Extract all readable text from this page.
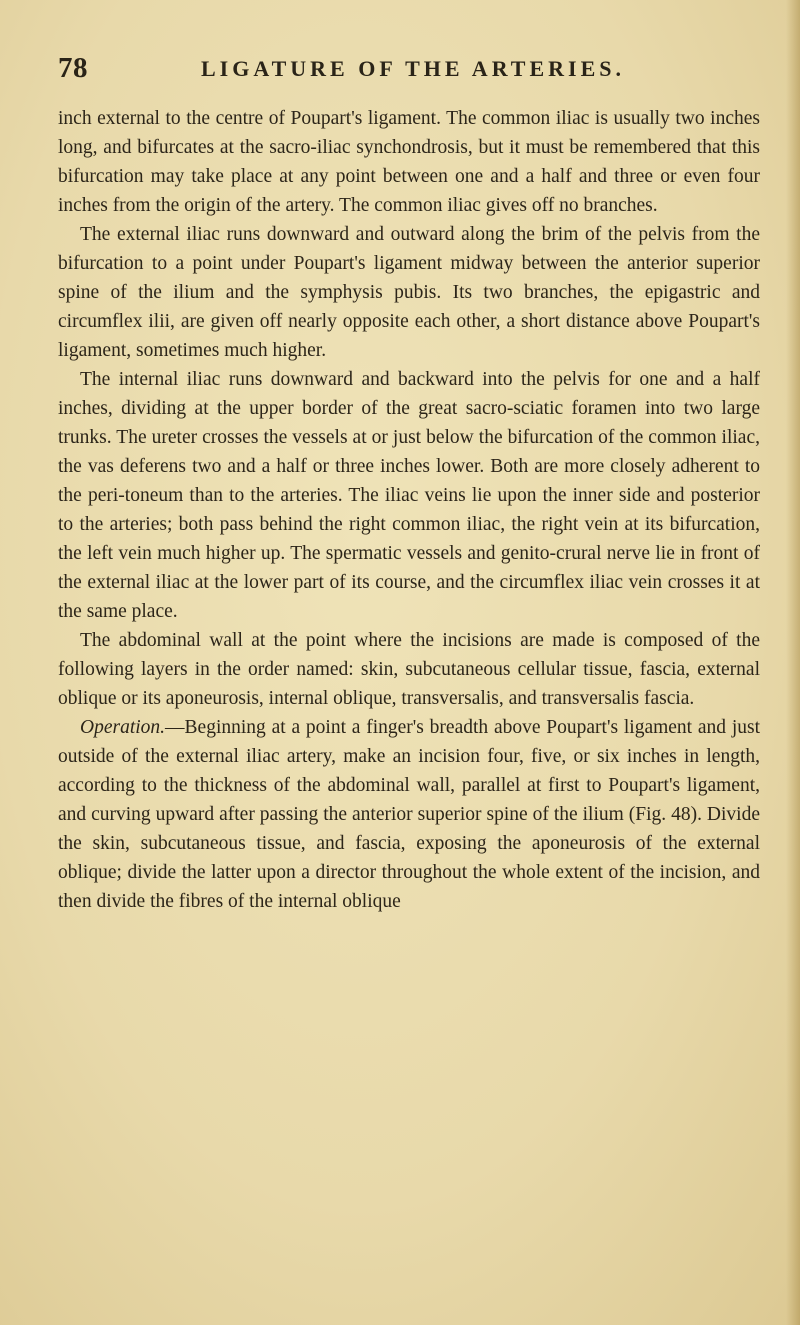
78	LIGATURE OF THE ARTERIES.

inch external to the centre of Poupart's ligament. The common iliac is usually two inches long, and bifurcates at the sacro-iliac synchondrosis, but it must be remembered that this bifurcation may take place at any point between one and a half and three or even four inches from the origin of the artery. The common iliac gives off no branches.

The external iliac runs downward and outward along the brim of the pelvis from the bifurcation to a point under Poupart's ligament midway between the anterior superior spine of the ilium and the symphysis pubis. Its two branches, the epigastric and circumflex ilii, are given off nearly opposite each other, a short distance above Poupart's ligament, sometimes much higher.

The internal iliac runs downward and backward into the pelvis for one and a half inches, dividing at the upper border of the great sacro-sciatic foramen into two large trunks. The ureter crosses the vessels at or just below the bifurcation of the common iliac, the vas deferens two and a half or three inches lower. Both are more closely adherent to the peri-toneum than to the arteries. The iliac veins lie upon the inner side and posterior to the arteries; both pass behind the right common iliac, the right vein at its bifurcation, the left vein much higher up. The spermatic vessels and genito-crural nerve lie in front of the external iliac at the lower part of its course, and the circumflex iliac vein crosses it at the same place.

The abdominal wall at the point where the incisions are made is composed of the following layers in the order named: skin, subcutaneous cellular tissue, fascia, external oblique or its aponeurosis, internal oblique, transversalis, and transversalis fascia.

Operation.—Beginning at a point a finger's breadth above Poupart's ligament and just outside of the external iliac artery, make an incision four, five, or six inches in length, according to the thickness of the abdominal wall, parallel at first to Poupart's ligament, and curving upward after passing the anterior superior spine of the ilium (Fig. 48). Divide the skin, subcutaneous tissue, and fascia, exposing the aponeurosis of the external oblique; divide the latter upon a director throughout the whole extent of the incision, and then divide the fibres of the internal oblique
